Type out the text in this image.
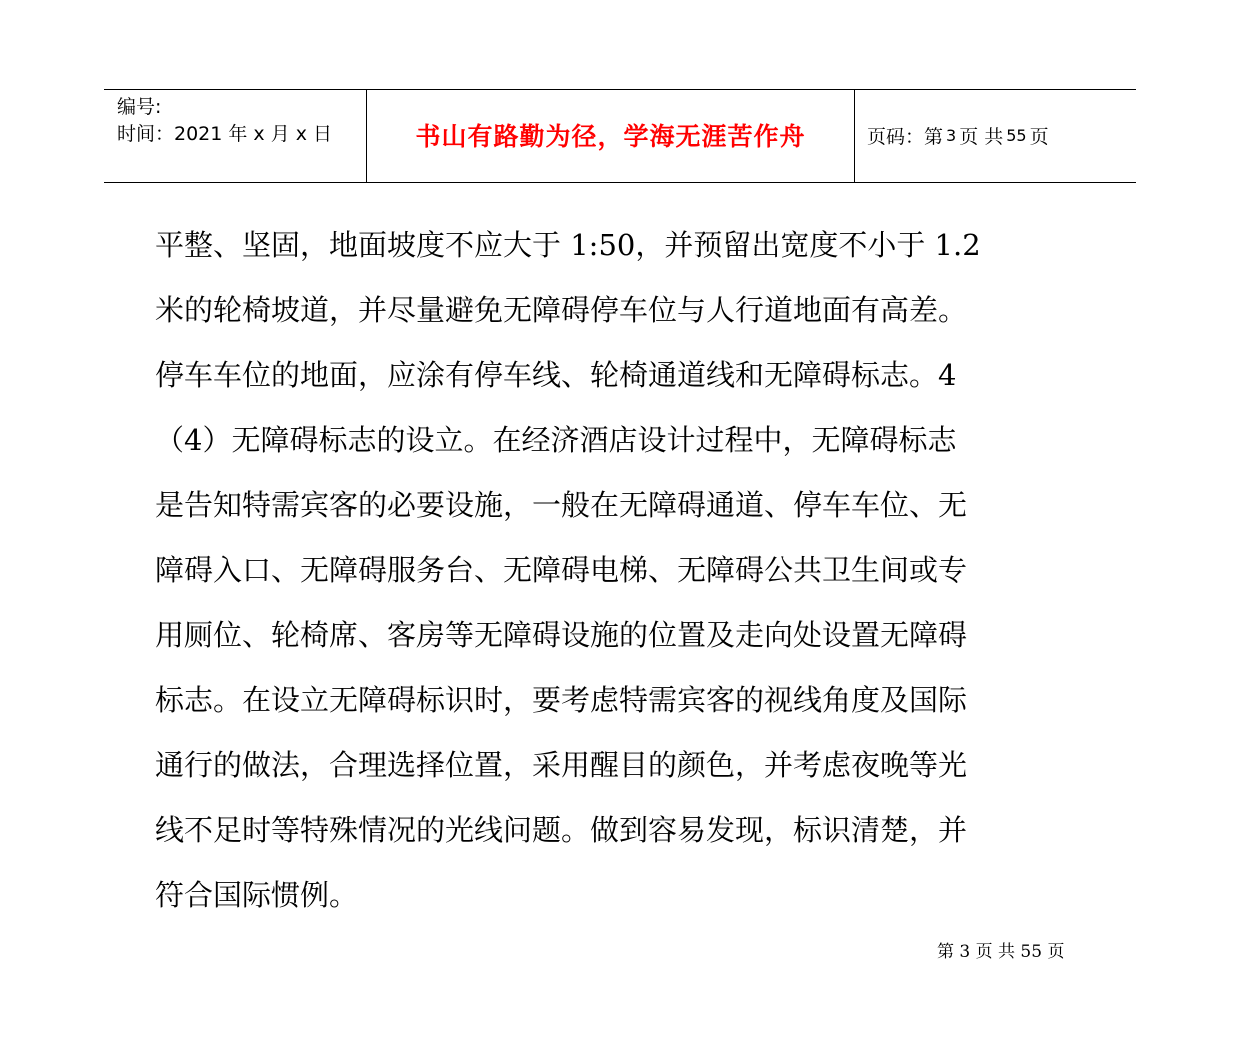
编号:
时间：2021 年 x 月 x 日	书山有路勤为径，学海无涯苦作舟	页码：第 3 页 共 55 页
平整、坚固，地面坡度不应大于 1:50，并预留出宽度不小于 1.2
米的轮椅坡道，并尽量避免无障碍停车位与人行道地面有高差。
停车车位的地面，应涂有停车线、轮椅通道线和无障碍标志。4
（4）无障碍标志的设立。在经济酒店设计过程中，无障碍标志
是告知特需宾客的必要设施，一般在无障碍通道、停车车位、无
障碍入口、无障碍服务台、无障碍电梯、无障碍公共卫生间或专
用厕位、轮椅席、客房等无障碍设施的位置及走向处设置无障碍
标志。在设立无障碍标识时，要考虑特需宾客的视线角度及国际
通行的做法，合理选择位置，采用醒目的颜色，并考虑夜晚等光
线不足时等特殊情况的光线问题。做到容易发现，标识清楚，并
符合国际惯例。
第 3 页 共 55 页
